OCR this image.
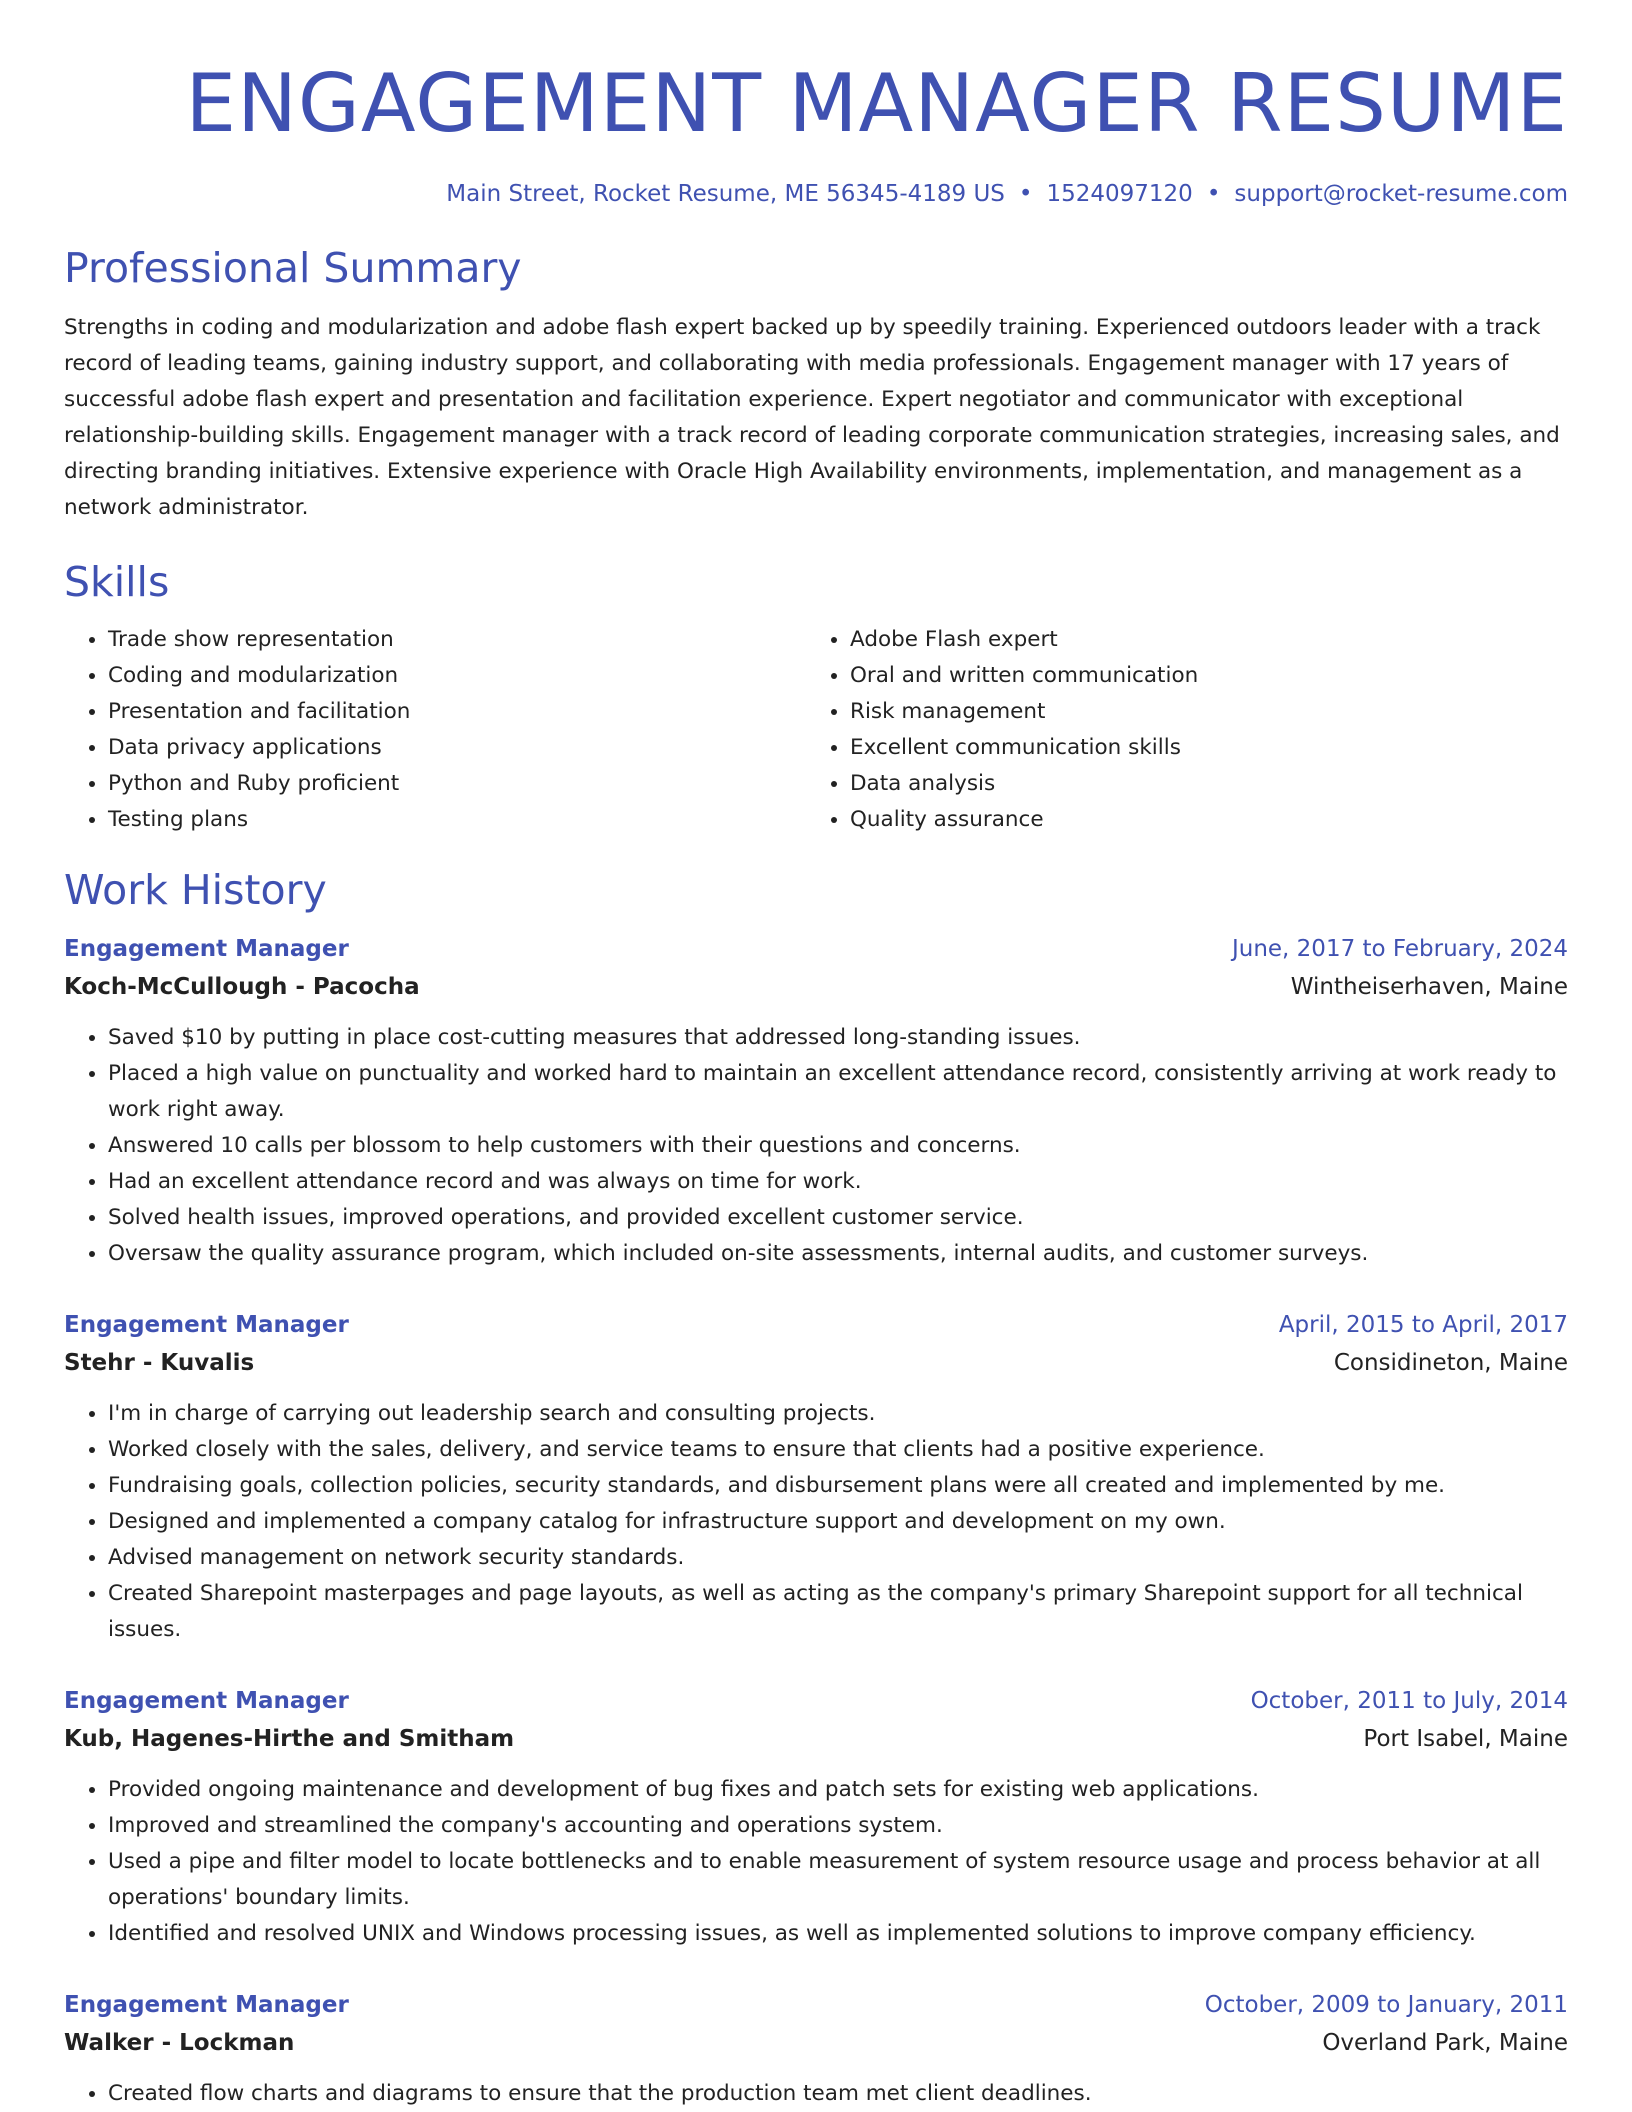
ENGAGEMENT MANAGER RESUME
Main Street, Rocket Resume, ME 56345-4189 US • 1524097120 • support@rocket-resume.com
Professional Summary

Strengths in coding and modularization and adobe flash expert backed up by speedily training. Experienced outdoors leader with a track record of leading teams, gaining industry support, and collaborating with media professionals. Engagement manager with 17 years of successful adobe flash expert and presentation and facilitation experience. Expert negotiator and communicator with exceptional relationship-building skills. Engagement manager with a track record of leading corporate communication strategies, increasing sales, and directing branding initiatives. Extensive experience with Oracle High Availability environments, implementation, and management as a network administrator.

Skills
• Trade show representation
• Coding and modularization
• Presentation and facilitation
• Data privacy applications
• Python and Ruby proficient
• Testing plans
• Adobe Flash expert
• Oral and written communication
• Risk management
• Excellent communication skills
• Data analysis
• Quality assurance
Work History
Engagement Manager	June, 2017 to February, 2024
Koch-McCullough - Pacocha	Wintheiserhaven, Maine
• Saved $10 by putting in place cost-cutting measures that addressed long-standing issues.
• Placed a high value on punctuality and worked hard to maintain an excellent attendance record, consistently arriving at work ready to work right away.
• Answered 10 calls per blossom to help customers with their questions and concerns.
• Had an excellent attendance record and was always on time for work.
• Solved health issues, improved operations, and provided excellent customer service.
• Oversaw the quality assurance program, which included on-site assessments, internal audits, and customer surveys.
Engagement Manager	April, 2015 to April, 2017
Stehr - Kuvalis	Considineton, Maine
• I'm in charge of carrying out leadership search and consulting projects.
• Worked closely with the sales, delivery, and service teams to ensure that clients had a positive experience.
• Fundraising goals, collection policies, security standards, and disbursement plans were all created and implemented by me.
• Designed and implemented a company catalog for infrastructure support and development on my own.
• Advised management on network security standards.
• Created Sharepoint masterpages and page layouts, as well as acting as the company's primary Sharepoint support for all technical issues.
Engagement Manager	October, 2011 to July, 2014
Kub, Hagenes-Hirthe and Smitham	Port Isabel, Maine
• Provided ongoing maintenance and development of bug fixes and patch sets for existing web applications.
• Improved and streamlined the company's accounting and operations system.
• Used a pipe and filter model to locate bottlenecks and to enable measurement of system resource usage and process behavior at all operations' boundary limits.
• Identified and resolved UNIX and Windows processing issues, as well as implemented solutions to improve company efficiency.
Engagement Manager	October, 2009 to January, 2011
Walker - Lockman	Overland Park, Maine
• Created flow charts and diagrams to ensure that the production team met client deadlines.
